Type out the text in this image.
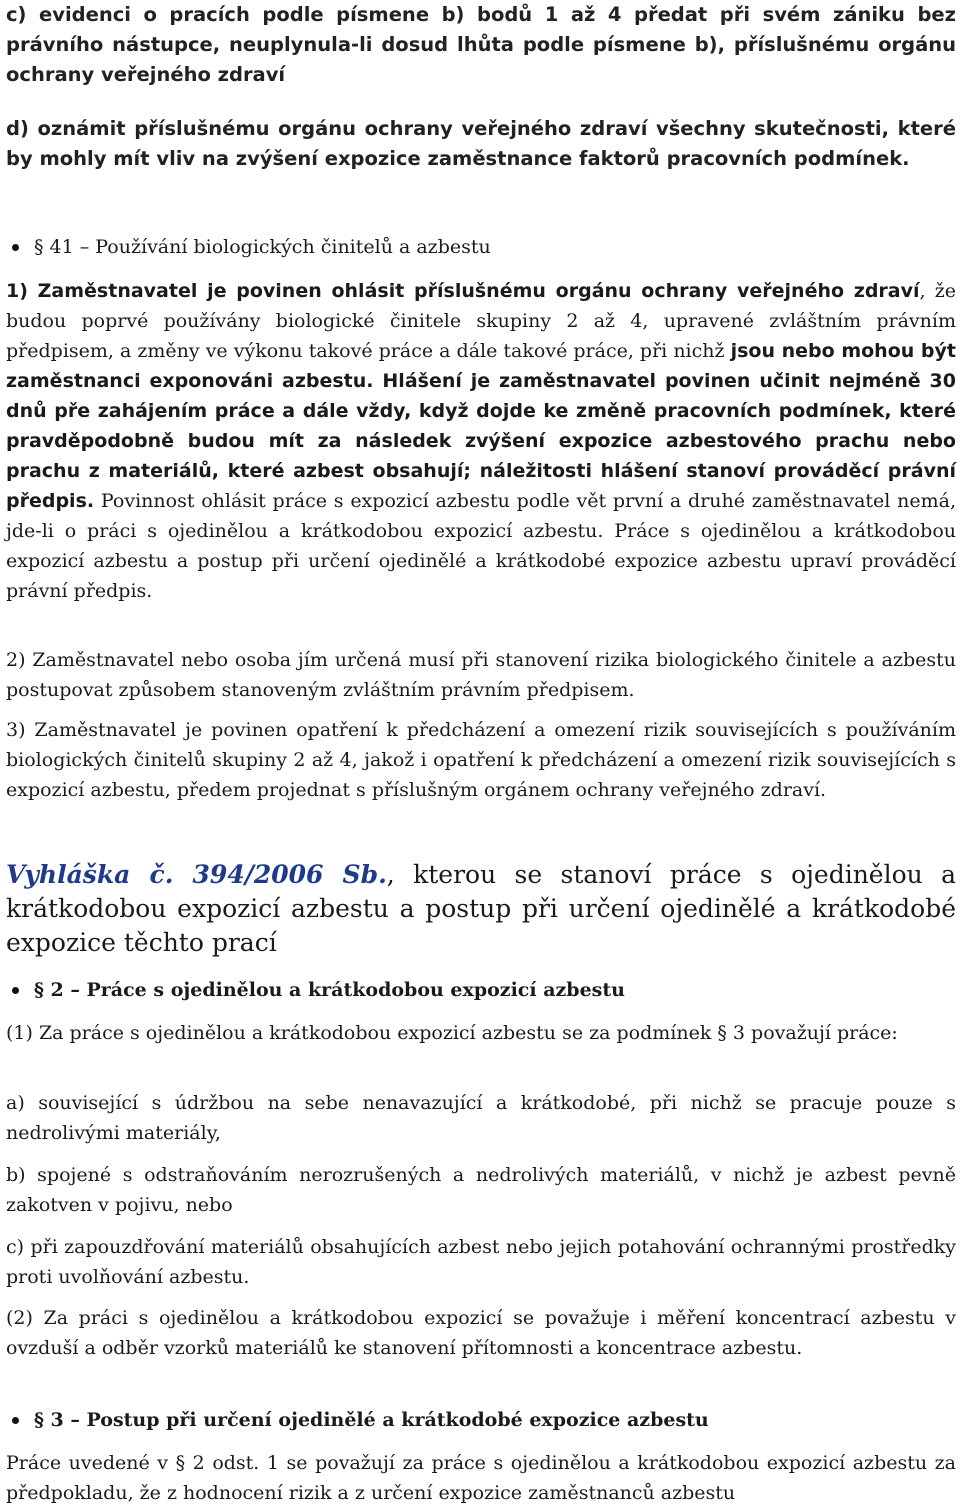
c) evidenci o pracích podle písmene b) bodů 1 až 4 předat při svém zániku bez právního nástupce, neuplynula-li dosud lhůta podle písmene b), příslušnému orgánu ochrany veřejného zdraví

d) oznámit příslušnému orgánu ochrany veřejného zdraví všechny skutečnosti, které by mohly mít vliv na zvýšení expozice zaměstnance faktorů pracovních podmínek.

§ 41 – Používání biologických činitelů a azbestu

1) Zaměstnavatel je povinen ohlásit příslušnému orgánu ochrany veřejného zdraví, že budou poprvé používány biologické činitele skupiny 2 až 4, upravené zvláštním právním předpisem, a změny ve výkonu takové práce a dále takové práce, při nichž jsou nebo mohou být zaměstnanci exponováni azbestu. Hlášení je zaměstnavatel povinen učinit nejméně 30 dnů pře zahájením práce a dále vždy, když dojde ke změně pracovních podmínek, které pravděpodobně budou mít za následek zvýšení expozice azbestového prachu nebo prachu z materiálů, které azbest obsahují; náležitosti hlášení stanoví prováděcí právní předpis. Povinnost ohlásit práce s expozicí azbestu podle vět první a druhé zaměstnavatel nemá, jde-li o práci s ojedinělou a krátkodobou expozicí azbestu. Práce s ojedinělou a krátkodobou expozicí azbestu a postup při určení ojedinělé a krátkodobé expozice azbestu upraví prováděcí právní předpis.

2) Zaměstnavatel nebo osoba jím určená musí při stanovení rizika biologického činitele a azbestu postupovat způsobem stanoveným zvláštním právním předpisem.

3) Zaměstnavatel je povinen opatření k předcházení a omezení rizik souvisejících s používáním biologických činitelů skupiny 2 až 4, jakož i opatření k předcházení a omezení rizik souvisejících s expozicí azbestu, předem projednat s příslušným orgánem ochrany veřejného zdraví.

Vyhláška č. 394/2006 Sb., kterou se stanoví práce s ojedinělou a krátkodobou expozicí azbestu a postup při určení ojedinělé a krátkodobé expozice těchto prací

§ 2 – Práce s ojedinělou a krátkodobou expozicí azbestu

(1) Za práce s ojedinělou a krátkodobou expozicí azbestu se za podmínek § 3 považují práce:

a) související s údržbou na sebe nenavazující a krátkodobé, při nichž se pracuje pouze s nedrolivými materiály,

b) spojené s odstraňováním nerozrušených a nedrolivých materiálů, v nichž je azbest pevně zakotven v pojivu, nebo

c) při zapouzdřování materiálů obsahujících azbest nebo jejich potahování ochrannými prostředky proti uvolňování azbestu.

(2) Za práci s ojedinělou a krátkodobou expozicí se považuje i měření koncentrací azbestu v ovzduší a odběr vzorků materiálů ke stanovení přítomnosti a koncentrace azbestu.

§ 3 – Postup při určení ojedinělé a krátkodobé expozice azbestu

Práce uvedené v § 2 odst. 1 se považují za práce s ojedinělou a krátkodobou expozicí azbestu za předpokladu, že z hodnocení rizik a z určení expozice zaměstnanců azbestu
